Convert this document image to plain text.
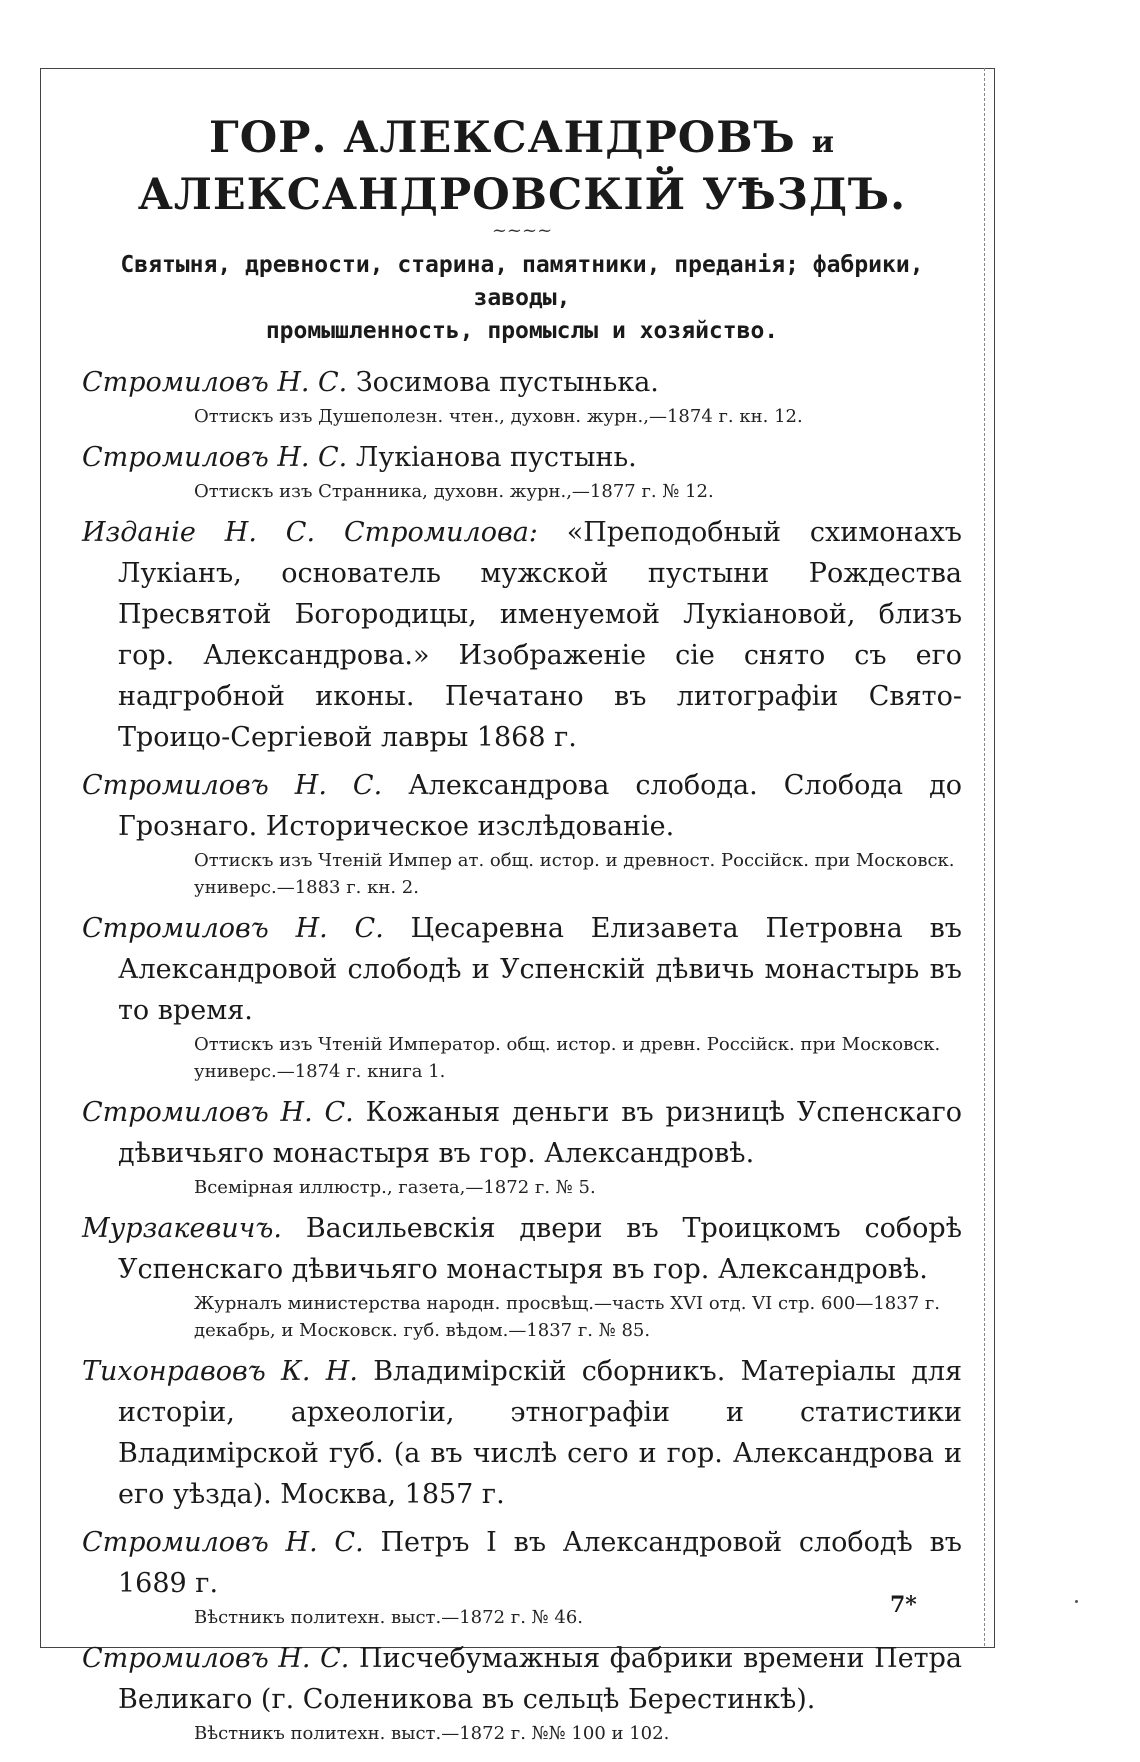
ГОР. АЛЕКСАНДРОВЪ и АЛЕКСАНДРОВСКІЙ УѢЗДЪ.
~~~~
Святыня, древности, старина, памятники, преданія; фабрики, заводы,
промышленность, промыслы и хозяйство.
Стромиловъ Н. С. Зосимова пустынька.
Оттискъ изъ Душеполезн. чтен., духовн. журн.,—1874 г. кн. 12.
Стромиловъ Н. С. Лукіанова пустынь.
Оттискъ изъ Странника, духовн. журн.,—1877 г. № 12.
Изданіе Н. С. Стромилова: «Преподобный схимонахъ Лукіанъ, основатель мужской пустыни Рождества Пресвятой Богородицы, именуемой Лукіановой, близъ гор. Александрова.» Изображеніе сіе снято съ его надгробной иконы. Печатано въ литографіи Свято-Троицо-Сергіевой лавры 1868 г.
Стромиловъ Н. С. Александрова слобода. Слобода до Грознаго. Историческое изслѣдованіе.
Оттискъ изъ Чтеній Импер ат. общ. истор. и древност. Россійск. при Московск. универс.—1883 г. кн. 2.
Стромиловъ Н. С. Цесаревна Елизавета Петровна въ Александровой слободѣ и Успенскій дѣвичь монастырь въ то время.
Оттискъ изъ Чтеній Император. общ. истор. и древн. Россійск. при Московск. универс.—1874 г. книга 1.
Стромиловъ Н. С. Кожаныя деньги въ ризницѣ Успенскаго дѣвичьяго монастыря въ гор. Александровѣ.
Всемірная иллюстр., газета,—1872 г. № 5.
Мурзакевичъ. Васильевскія двери въ Троицкомъ соборѣ Успенскаго дѣвичьяго монастыря въ гор. Александровѣ.
Журналъ министерства народн. просвѣщ.—часть XVI отд. VI стр. 600—1837 г. декабрь, и Московск. губ. вѣдом.—1837 г. № 85.
Тихонравовъ К. Н. Владимірскій сборникъ. Матеріалы для исторіи, археологіи, этнографіи и статистики Владимірской губ. (а въ числѣ сего и гор. Александрова и его уѣзда). Москва, 1857 г.
Стромиловъ Н. С. Петръ I въ Александровой слободѣ въ 1689 г.
Вѣстникъ политехн. выст.—1872 г. № 46.
Стромиловъ Н. С. Писчебумажныя фабрики времени Петра Великаго (г. Соленикова въ сельцѣ Берестинкѣ).
Вѣстникъ политехн. выст.—1872 г. №№ 100 и 102.
7*
